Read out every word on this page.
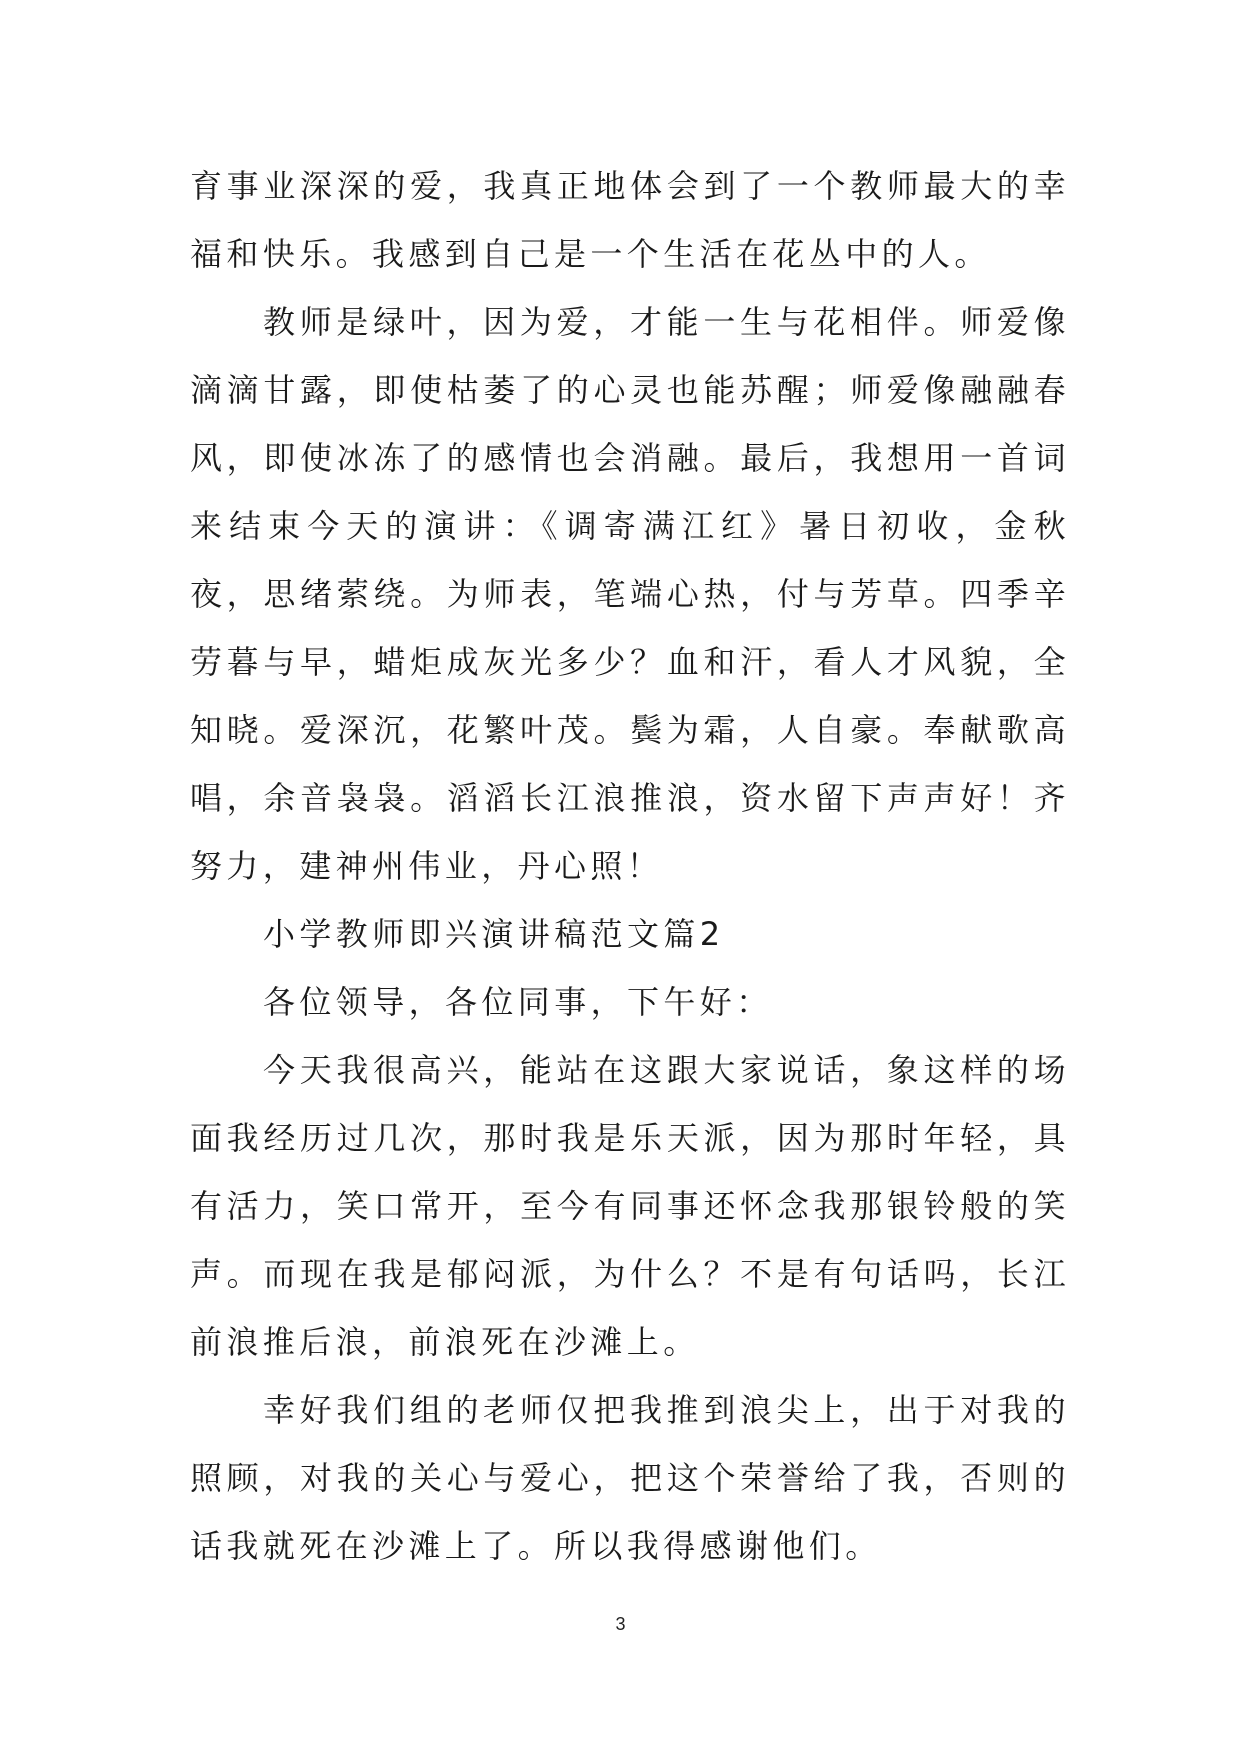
育事业深深的爱，我真正地体会到了一个教师最大的幸福和快乐。我感到自己是一个生活在花丛中的人。

教师是绿叶，因为爱，才能一生与花相伴。师爱像滴滴甘露，即使枯萎了的心灵也能苏醒；师爱像融融春风，即使冰冻了的感情也会消融。最后，我想用一首词来结束今天的演讲：《调寄满江红》暑日初收，金秋夜，思绪萦绕。为师表，笔端心热，付与芳草。四季辛劳暮与早，蜡炬成灰光多少？血和汗，看人才风貌，全知晓。爱深沉，花繁叶茂。鬓为霜，人自豪。奉献歌高唱，余音袅袅。滔滔长江浪推浪，资水留下声声好！齐努力，建神州伟业，丹心照！

小学教师即兴演讲稿范文篇2

各位领导，各位同事，下午好：

今天我很高兴，能站在这跟大家说话，象这样的场面我经历过几次，那时我是乐天派，因为那时年轻，具有活力，笑口常开，至今有同事还怀念我那银铃般的笑声。而现在我是郁闷派，为什么？不是有句话吗，长江前浪推后浪，前浪死在沙滩上。

幸好我们组的老师仅把我推到浪尖上，出于对我的照顾，对我的关心与爱心，把这个荣誉给了我，否则的话我就死在沙滩上了。所以我得感谢他们。

3
